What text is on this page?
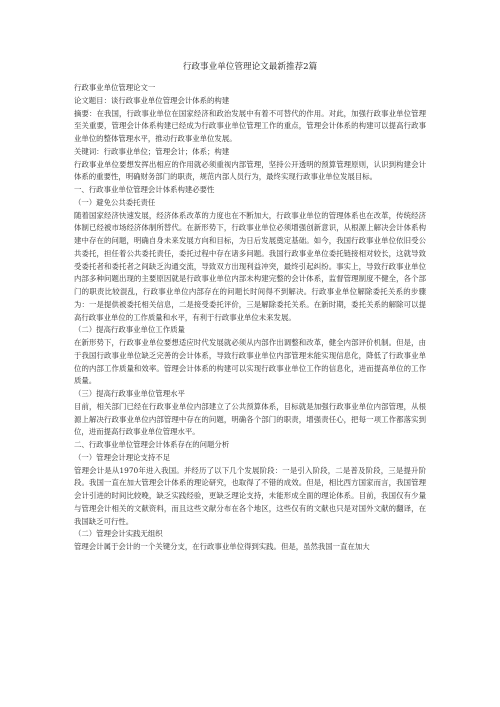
行政事业单位管理论文最新推荐2篇

行政事业单位管理论文一

论文题目：谈行政事业单位管理会计体系的构建

摘要：在我国，行政事业单位在国家经济和政治发展中有着不可替代的作用。对此，加强行政事业单位管理至关重要，管理会计体系构建已经成为行政事业单位管理工作的重点，管理会计体系的构建可以提高行政事业单位的整体管理水平，推动行政事业单位发展。

关键词：行政事业单位；管理会计；体系；构建

行政事业单位要想发挥出相应的作用就必须重视内部管理，坚持公开透明的预算管理原则，认识到构建会计体系的重要性，明确财务部门的职责，规范内部人员行为，最终实现行政事业单位发展目标。

一、行政事业单位管理会计体系构建必要性

（一）避免公共委托责任

随着国家经济快速发展，经济体系改革的力度也在不断加大，行政事业单位的管理体系也在改革，传统经济体制已经被市场经济体制所替代。在新形势下，行政事业单位必须增强创新意识，从根源上解决会计体系构建中存在的问题，明确自身未来发展方向和目标，为日后发展奠定基础。如今，我国行政事业单位依旧受公共委托，担任着公共委托责任，委托过程中存在诸多问题。我国行政事业单位委托链接相对较长，这就导致受委托者和委托者之间缺乏沟通交流，导致双方出现利益冲突，最终引起纠纷。事实上，导致行政事业单位内部多种问题出现的主要原因就是行政事业单位内部未构建完整的会计体系，监督管理制度不健全，各个部门的职责比较混乱，行政事业单位内部存在的问题长时间得不到解决。行政事业单位解除委托关系的步骤为：一是提供被委托相关信息，二是接受委托评价，三是解除委托关系。在新时期，委托关系的解除可以提高行政事业单位的工作质量和水平，有利于行政事业单位未来发展。

（二）提高行政事业单位工作质量

在新形势下，行政事业单位要想适应时代发展就必须从内部作出调整和改革，健全内部评价机制。但是，由于我国行政事业单位缺乏完善的会计体系，导致行政事业单位内部管理未能实现信息化，降低了行政事业单位的内部工作质量和效率。管理会计体系的构建可以实现行政事业单位工作的信息化，进而提高单位的工作质量。

（三）提高行政事业单位管理水平

目前，相关部门已经在行政事业单位内部建立了公共预算体系，目标就是加强行政事业单位内部管理，从根源上解决行政事业单位内部管理中存在的问题，明确各个部门的职责，增强责任心，把每一项工作都落实到位，进而提高行政事业单位管理水平。

二、行政事业单位管理会计体系存在的问题分析

（一）管理会计理论支持不足

管理会计是从1970年进入我国。并经历了以下几个发展阶段：一是引入阶段，二是普及阶段，三是提升阶段。我国一直在加大管理会计体系的理论研究，也取得了不错的成效。但是，相比西方国家而言，我国管理会计引进的时间比较晚，缺乏实践经验，更缺乏理论支持，未能形成全面的理论体系。目前，我国仅有少量与管理会计相关的文献资料，而且这些文献分布在各个地区，这些仅有的文献也只是对国外文献的翻译，在我国缺乏可行性。

（二）管理会计实践无组织

管理会计属于会计的一个关键分支，在行政事业单位得到实践。但是，虽然我国一直在加大
